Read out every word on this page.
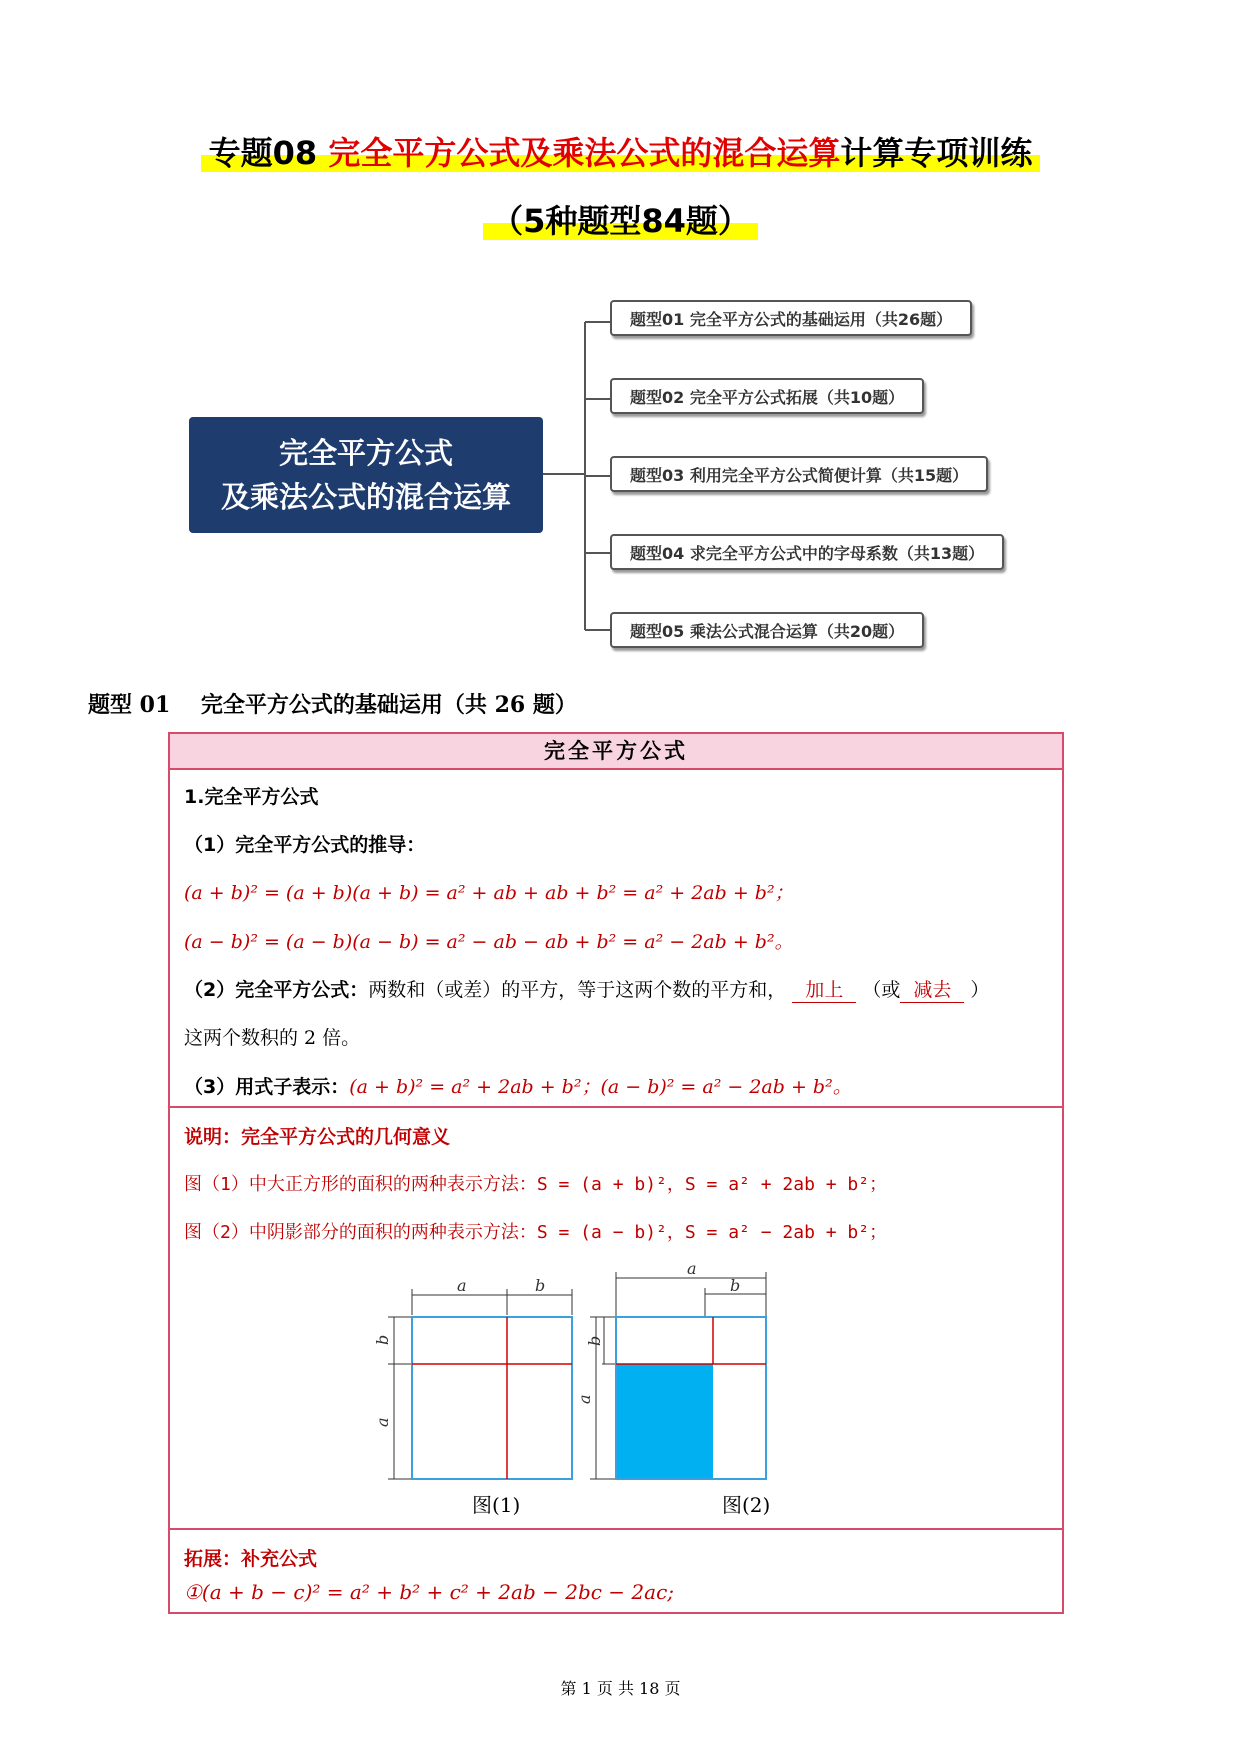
专题08 完全平方公式及乘法公式的混合运算计算专项训练
（5种题型84题）
完全平方公式
及乘法公式的混合运算
题型01 完全平方公式的基础运用（共26题）
题型02 完全平方公式拓展（共10题）
题型03 利用完全平方公式简便计算（共15题）
题型04 求完全平方公式中的字母系数（共13题）
题型05 乘法公式混合运算（共20题）
题型 01    完全平方公式的基础运用（共 26 题）
完全平方公式
1.完全平方公式
（1）完全平方公式的推导：
(a + b)² = (a + b)(a + b) = a² + ab + ab + b² = a² + 2ab + b²；
(a − b)² = (a − b)(a − b) = a² − ab − ab + b² = a² − 2ab + b²。
（2）完全平方公式：两数和（或差）的平方，等于这两个数的平方和， 加上 （或 减去 ）
这两个数积的 2 倍。
（3）用式子表示：(a + b)² = a² + 2ab + b²；(a − b)² = a² − 2ab + b²。
说明：完全平方公式的几何意义
图（1）中大正方形的面积的两种表示方法：S = (a + b)²，S = a² + 2ab + b²；
图（2）中阴影部分的面积的两种表示方法：S = (a − b)²，S = a² − 2ab + b²；
a	b
b
a
图(1)
a
b
b
a
图(2)
拓展：补充公式
①(a + b − c)² = a² + b² + c² + 2ab − 2bc − 2ac;
第 1 页 共 18 页
